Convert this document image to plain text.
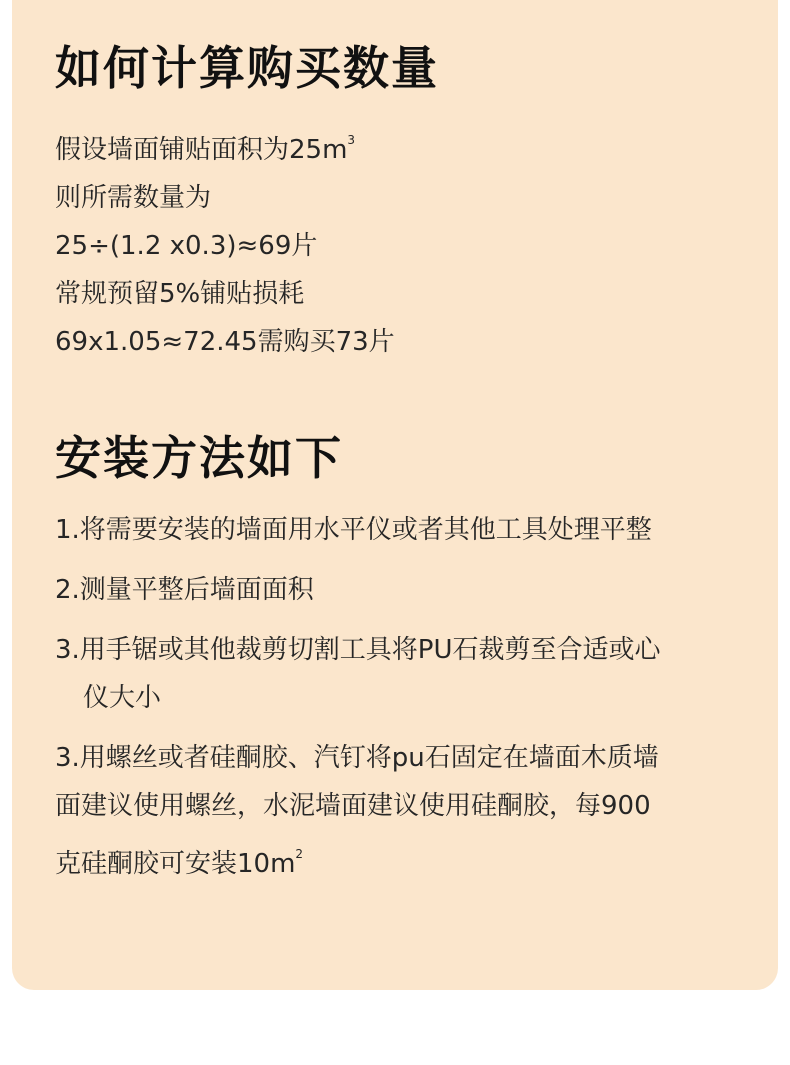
如何计算购买数量
假设墙面铺贴面积为$25m^3$
则所需数量为
25÷(1.2 x0.3)≈69片
常规预留5%铺贴损耗
69x1.05≈72.45需购买73片
安装方法如下
1.将需要安装的墙面用水平仪或者其他工具处理平整
2.测量平整后墙面面积
3.用手锯或其他裁剪切割工具将PU石裁剪至合适或心
仪大小
3.用螺丝或者硅酮胶、汽钉将pu石固定在墙面木质墙
面建议使用螺丝，水泥墙面建议使用硅酮胶，每900
克硅酮胶可安装$10m^2$
